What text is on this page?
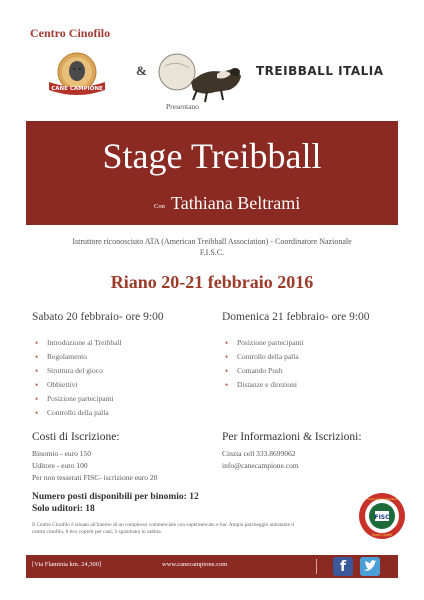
Centro Cinofilo
CANE CAMPIONE
&	TREIBBALL ITALIA
Presentano
Stage Treibball
Con Tathiana Beltrami
Istruttore riconosciuto ATA (American Treibball Association) - Coordinatore Nazionale
F.I.S.C.
Riano 20-21 febbraio 2016
Sabato 20 febbraio- ore 9:00
• Introduzione al Treibball
• Regolamento
• Struttura del gioco
• Obbiettivi
• Posizione partecipanti
• Controllo della palla
Domenica 21 febbraio- ore 9:00
• Posizione partecipanti
• Controllo della palla
• Comando Push
• Distanze e direzioni
Costi di Iscrizione:
Binomio - euro 150
Uditore - euro 100
Per non tesserati FISC- iscrizione euro 20
Per Informazioni & Iscrizioni:
Cinzia cell 333.8699062
info@canecampione.com
Numero posti disponibili per binomio: 12
Solo uditori: 18
Il Centro Cinofilo è situato all'interno di un complesso commerciale con supermercato e bar. Ampio parcheggio antistante il
centro cinofilo, 8 box coperti per cani, 3 sgambatoi in sabbia.
FISC
Federazione Italiana
Sport Cinofili
[Via Flaminia km. 24,300]	www.canecampione.com	f
